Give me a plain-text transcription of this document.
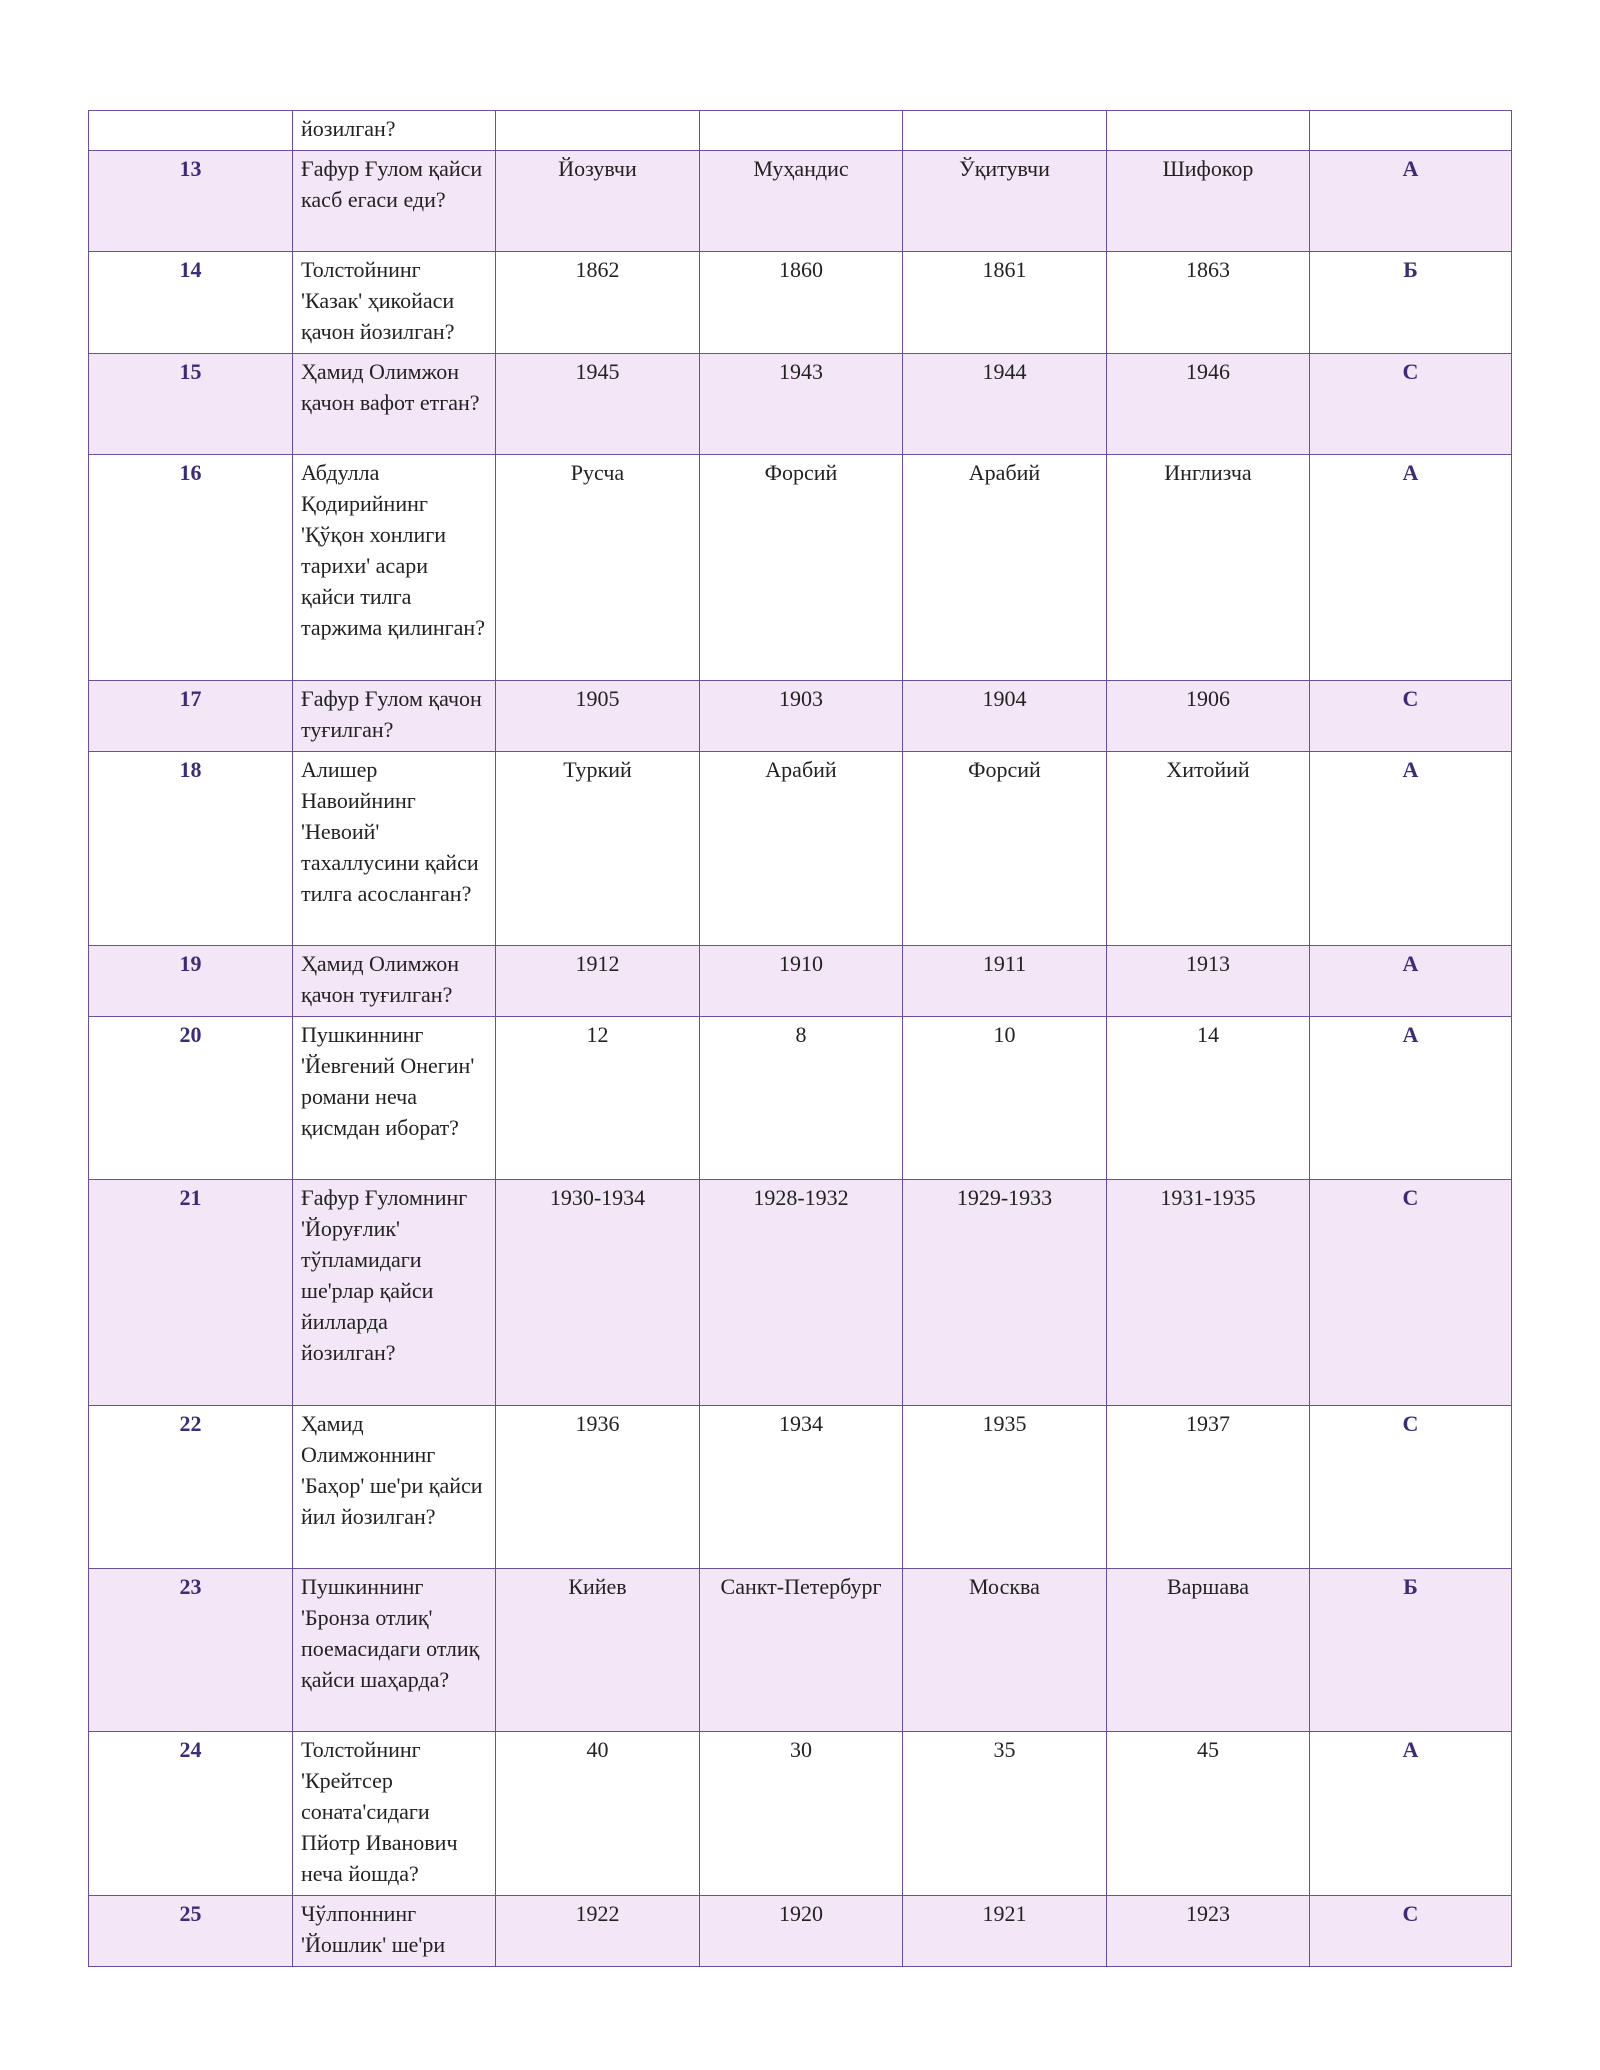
	йозилган?					
13	Ғафур Ғулом қайси касб егаси еди?	Йозувчи	Муҳандис	Ўқитувчи	Шифокор	A
14	Толстойнинг 'Казак' ҳикойаси қачон йозилган?	1862	1860	1861	1863	Б
15	Ҳамид Олимжон қачон вафот етган?	1945	1943	1944	1946	C
16	Абдулла Қодирийнинг 'Қўқон хонлиги тарихи' асари қайси тилга таржима қилинган?	Русча	Форсий	Арабий	Инглизча	A
17	Ғафур Ғулом қачон туғилган?	1905	1903	1904	1906	C
18	Алишер Навоийнинг 'Невоий' тахаллусини қайси тилга асосланган?	Туркий	Арабий	Форсий	Хитойий	A
19	Ҳамид Олимжон қачон туғилган?	1912	1910	1911	1913	A
20	Пушкиннинг 'Йевгений Онегин' романи неча қисмдан иборат?	12	8	10	14	A
21	Ғафур Ғуломнинг 'Йоруғлик' тўпламидаги ше'рлар қайси йилларда йозилган?	1930-1934	1928-1932	1929-1933	1931-1935	C
22	Ҳамид Олимжоннинг 'Баҳор' ше'ри қайси йил йозилган?	1936	1934	1935	1937	C
23	Пушкиннинг 'Бронза отлиқ' поемасидаги отлиқ қайси шаҳарда?	Кийев	Санкт-Петербург	Москва	Варшава	Б
24	Толстойнинг 'Крейтсер соната'сидаги Пйотр Иванович неча йошда?	40	30	35	45	A
25	Чўлпоннинг 'Йошлик' ше'ри	1922	1920	1921	1923	C
